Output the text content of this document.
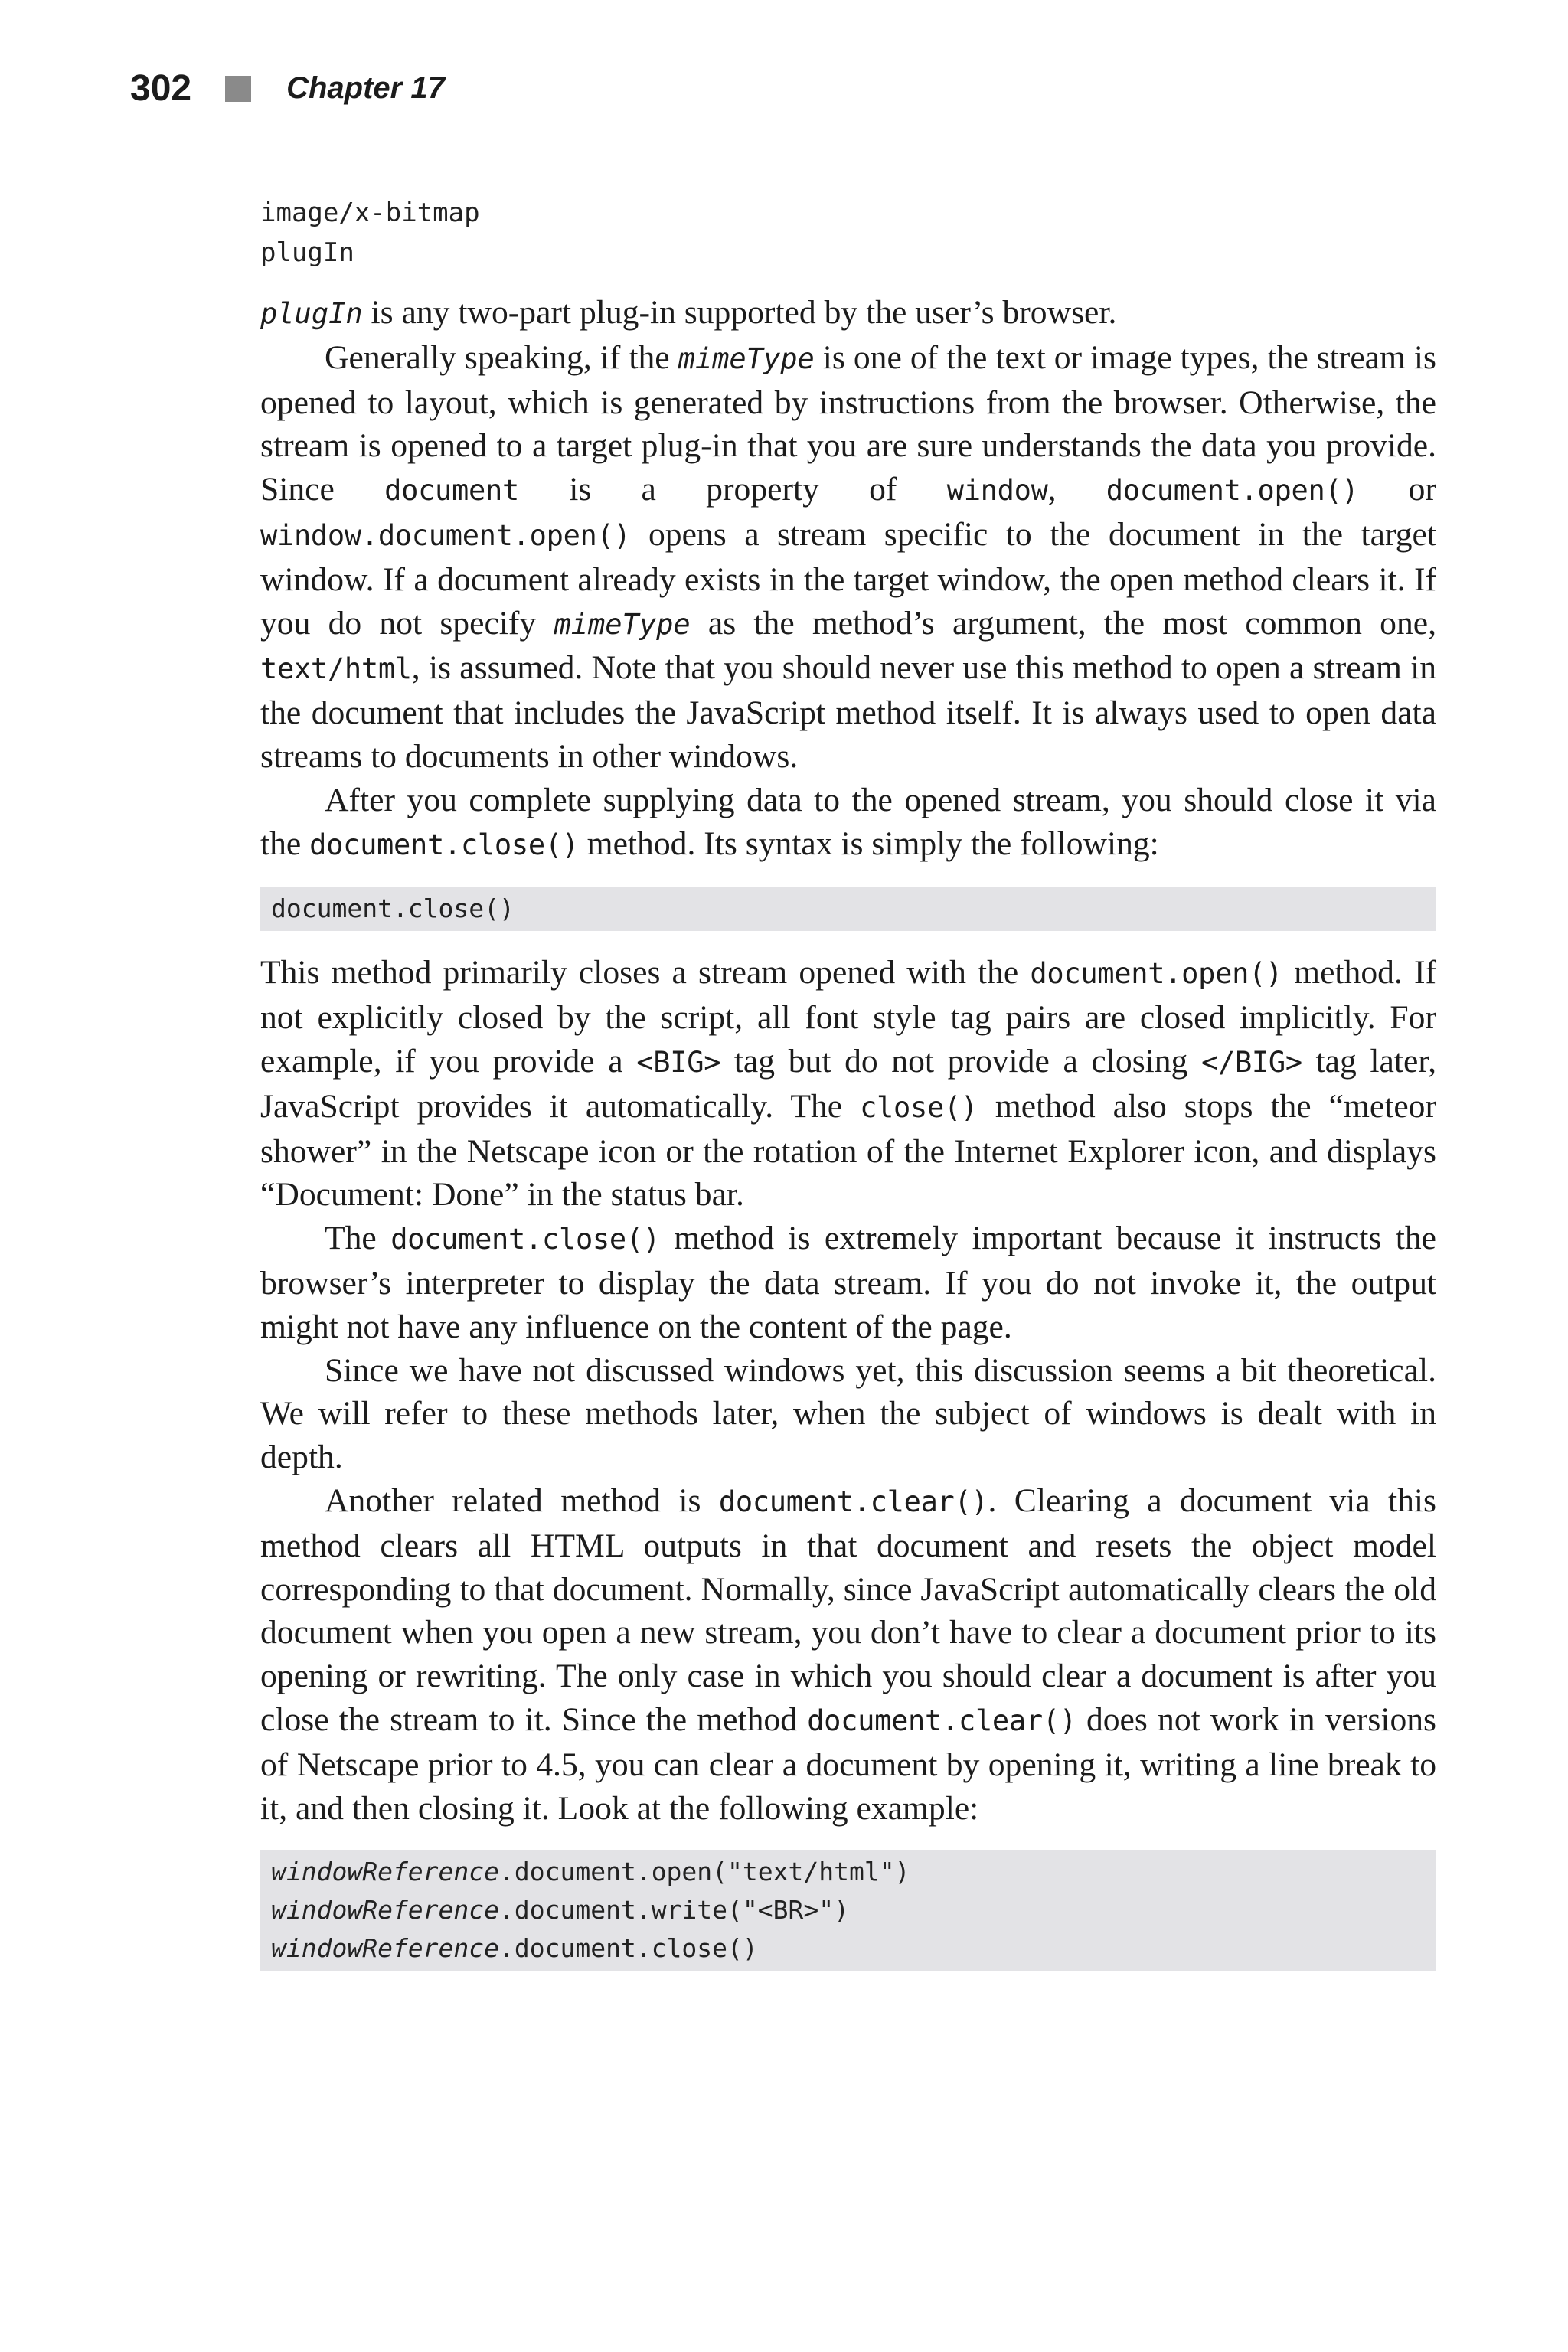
302	Chapter 17
image/x-bitmap
plugIn

plugIn is any two-part plug-in supported by the user’s browser.

Generally speaking, if the mimeType is one of the text or image types, the stream is opened to layout, which is generated by instructions from the browser. Otherwise, the stream is opened to a target plug-in that you are sure understands the data you provide. Since document is a property of window, document.open() or window.document.open() opens a stream specific to the document in the target window. If a document already exists in the target window, the open method clears it. If you do not specify mimeType as the method’s argument, the most common one, text/html, is assumed. Note that you should never use this method to open a stream in the document that includes the JavaScript method itself. It is always used to open data streams to documents in other windows.

After you complete supplying data to the opened stream, you should close it via the document.close() method. Its syntax is simply the following:

document.close()

This method primarily closes a stream opened with the document.open() method. If not explicitly closed by the script, all font style tag pairs are closed implicitly. For example, if you provide a <BIG> tag but do not provide a closing </BIG> tag later, JavaScript provides it automatically. The close() method also stops the “meteor shower” in the Netscape icon or the rotation of the Internet Explorer icon, and displays “Document: Done” in the status bar.

The document.close() method is extremely important because it instructs the browser’s interpreter to display the data stream. If you do not invoke it, the output might not have any influence on the content of the page.

Since we have not discussed windows yet, this discussion seems a bit theoretical. We will refer to these methods later, when the subject of windows is dealt with in depth.

Another related method is document.clear(). Clearing a document via this method clears all HTML outputs in that document and resets the object model corresponding to that document. Normally, since JavaScript automatically clears the old document when you open a new stream, you don’t have to clear a document prior to its opening or rewriting. The only case in which you should clear a document is after you close the stream to it. Since the method document.clear() does not work in versions of Netscape prior to 4.5, you can clear a document by opening it, writing a line break to it, and then closing it. Look at the following example:

windowReference.document.open("text/html")
windowReference.document.write("<BR>")
windowReference.document.close()
